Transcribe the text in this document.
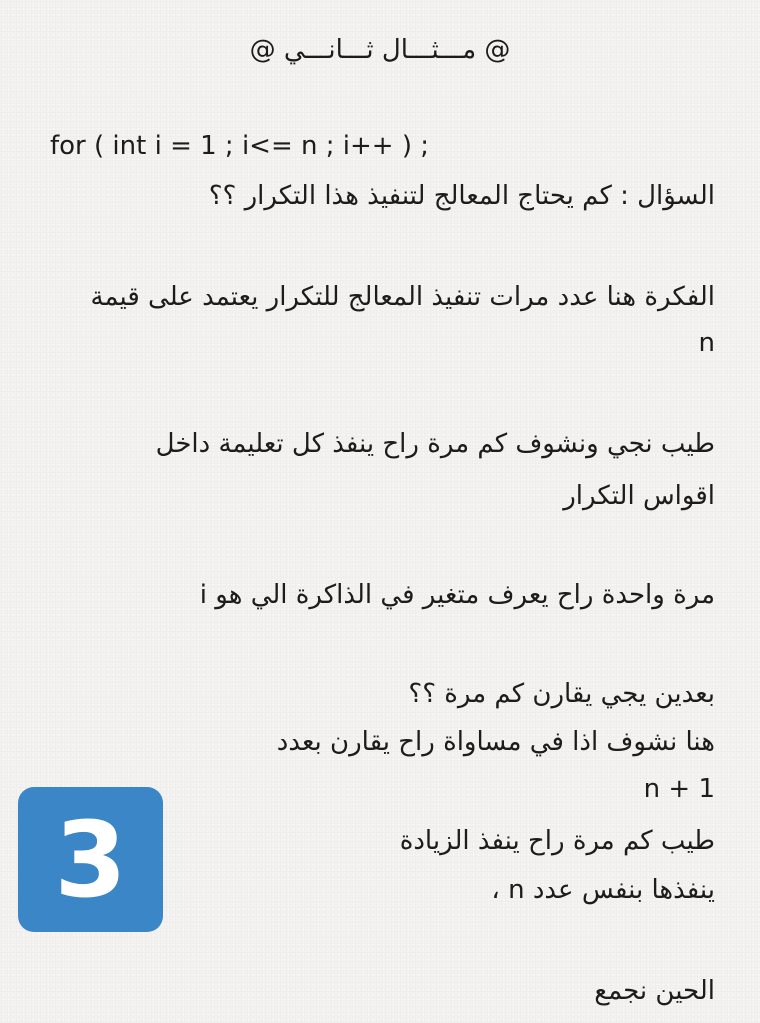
@ مـــثـــال ثـــانـــي @

for ( int i = 1 ; i<= n ; i++ ) ;

السؤال : كم يحتاج المعالج لتنفيذ هذا التكرار ؟؟

الفكرة هنا عدد مرات تنفيذ المعالج للتكرار يعتمد على قيمة

n

طيب نجي ونشوف كم مرة راح ينفذ كل تعليمة داخل

اقواس التكرار

مرة واحدة راح يعرف متغير في الذاكرة الي هو i

بعدين يجي يقارن كم مرة ؟؟

هنا نشوف اذا في مساواة راح يقارن بعدد

n + 1

طيب كم مرة راح ينفذ الزيادة

ينفذها بنفس عدد n ،

الحين نجمع

3
